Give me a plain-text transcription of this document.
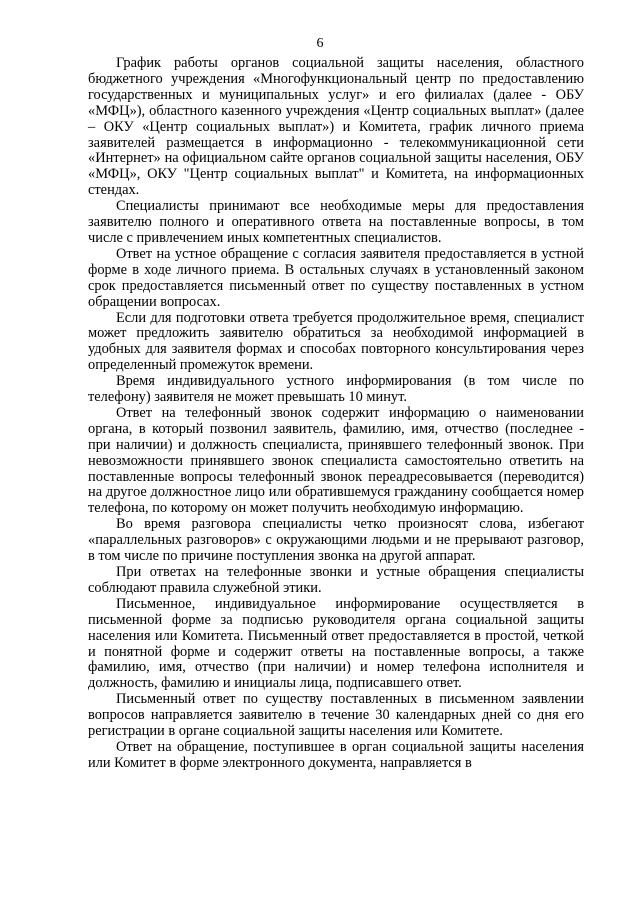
6

График работы органов социальной защиты населения, областного бюджетного учреждения «Многофункциональный центр по предоставлению государственных и муниципальных услуг» и его филиалах (далее - ОБУ «МФЦ»), областного казенного учреждения «Центр социальных выплат» (далее – ОКУ «Центр социальных выплат») и Комитета, график личного приема заявителей размещается в информационно - телекоммуникационной сети «Интернет» на официальном сайте органов социальной защиты населения, ОБУ «МФЦ», ОКУ "Центр социальных выплат" и Комитета, на информационных стендах.

Специалисты принимают все необходимые меры для предоставления заявителю полного и оперативного ответа на поставленные вопросы, в том числе с привлечением иных компетентных специалистов.

Ответ на устное обращение с согласия заявителя предоставляется в устной форме в ходе личного приема. В остальных случаях в установленный законом срок предоставляется письменный ответ по существу поставленных в устном обращении вопросах.

Если для подготовки ответа требуется продолжительное время, специалист может предложить заявителю обратиться за необходимой информацией в удобных для заявителя формах и способах повторного консультирования через определенный промежуток времени.

Время индивидуального устного информирования (в том числе по телефону) заявителя не может превышать 10 минут.

Ответ на телефонный звонок содержит информацию о наименовании органа, в который позвонил заявитель, фамилию, имя, отчество (последнее - при наличии) и должность специалиста, принявшего телефонный звонок. При невозможности принявшего звонок специалиста самостоятельно ответить на поставленные вопросы телефонный звонок переадресовывается (переводится) на другое должностное лицо или обратившемуся гражданину сообщается номер телефона, по которому он может получить необходимую информацию.

Во время разговора специалисты четко произносят слова, избегают «параллельных разговоров» с окружающими людьми и не прерывают разговор, в том числе по причине поступления звонка на другой аппарат.

При ответах на телефонные звонки и устные обращения специалисты соблюдают правила служебной этики.

Письменное, индивидуальное информирование осуществляется в письменной форме за подписью руководителя органа социальной защиты населения или Комитета. Письменный ответ предоставляется в простой, четкой и понятной форме и содержит ответы на поставленные вопросы, а также фамилию, имя, отчество (при наличии) и номер телефона исполнителя и должность, фамилию и инициалы лица, подписавшего ответ.

Письменный ответ по существу поставленных в письменном заявлении вопросов направляется заявителю в течение 30 календарных дней со дня его регистрации в органе социальной защиты населения или Комитете.

Ответ на обращение, поступившее в орган социальной защиты населения или Комитет в форме электронного документа, направляется в
